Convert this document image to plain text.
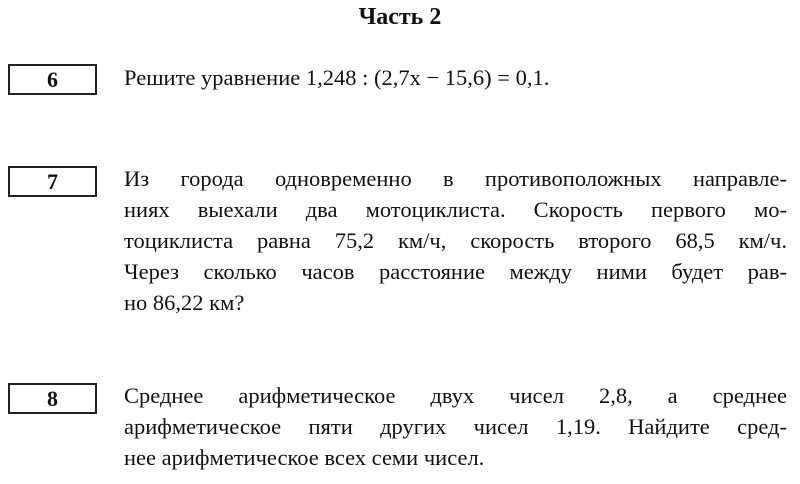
Часть 2
6	Решите уравнение 1,248 : (2,7x − 15,6) = 0,1.
7	Из города одновременно в противоположных направле-
ниях выехали два мотоциклиста. Скорость первого мо-
тоциклиста равна 75,2 км/ч, скорость второго 68,5 км/ч.
Через сколько часов расстояние между ними будет рав-
но 86,22 км?
8	Среднее арифметическое двух чисел 2,8, а среднее
арифметическое пяти других чисел 1,19. Найдите сред-
нее арифметическое всех семи чисел.
